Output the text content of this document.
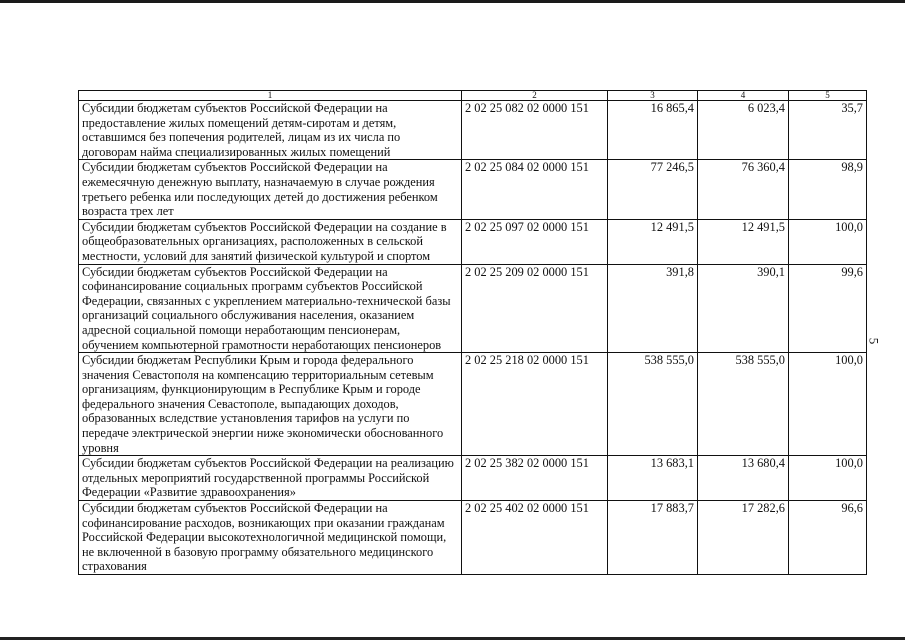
1	2	3	4	5
Субсидии бюджетам субъектов Российской Федерации на предоставление жилых помещений детям-сиротам и детям, оставшимся без попечения родителей, лицам из их числа по договорам найма специализированных жилых помещений	2 02 25 082 02 0000 151	16 865,4	6 023,4	35,7
Субсидии бюджетам субъектов Российской Федерации на ежемесячную денежную выплату, назначаемую в случае рождения третьего ребенка или последующих детей до достижения ребенком возраста трех лет	2 02 25 084 02 0000 151	77 246,5	76 360,4	98,9
Субсидии бюджетам субъектов Российской Федерации на создание в общеобразовательных организациях, расположенных в сельской местности, условий для занятий физической культурой и спортом	2 02 25 097 02 0000 151	12 491,5	12 491,5	100,0
Субсидии бюджетам субъектов Российской Федерации на софинансирование социальных программ субъектов Российской Федерации, связанных с укреплением материально-технической базы организаций социального обслуживания населения, оказанием адресной социальной помощи неработающим пенсионерам, обучением компьютерной грамотности неработающих пенсионеров	2 02 25 209 02 0000 151	391,8	390,1	99,6
Субсидии бюджетам Республики Крым и города федерального значения Севастополя на компенсацию территориальным сетевым организациям, функционирующим в Республике Крым и городе федерального значения Севастополе, выпадающих доходов, образованных вследствие установления тарифов на услуги по передаче электрической энергии ниже экономически обоснованного уровня	2 02 25 218 02 0000 151	538 555,0	538 555,0	100,0
Субсидии бюджетам субъектов Российской Федерации на реализацию отдельных мероприятий государственной программы Российской Федерации «Развитие здравоохранения»	2 02 25 382 02 0000 151	13 683,1	13 680,4	100,0
Субсидии бюджетам субъектов Российской Федерации на софинансирование расходов, возникающих при оказании гражданам Российской Федерации высокотехнологичной медицинской помощи, не включенной в базовую программу обязательного медицинского страхования	2 02 25 402 02 0000 151	17 883,7	17 282,6	96,6
5
